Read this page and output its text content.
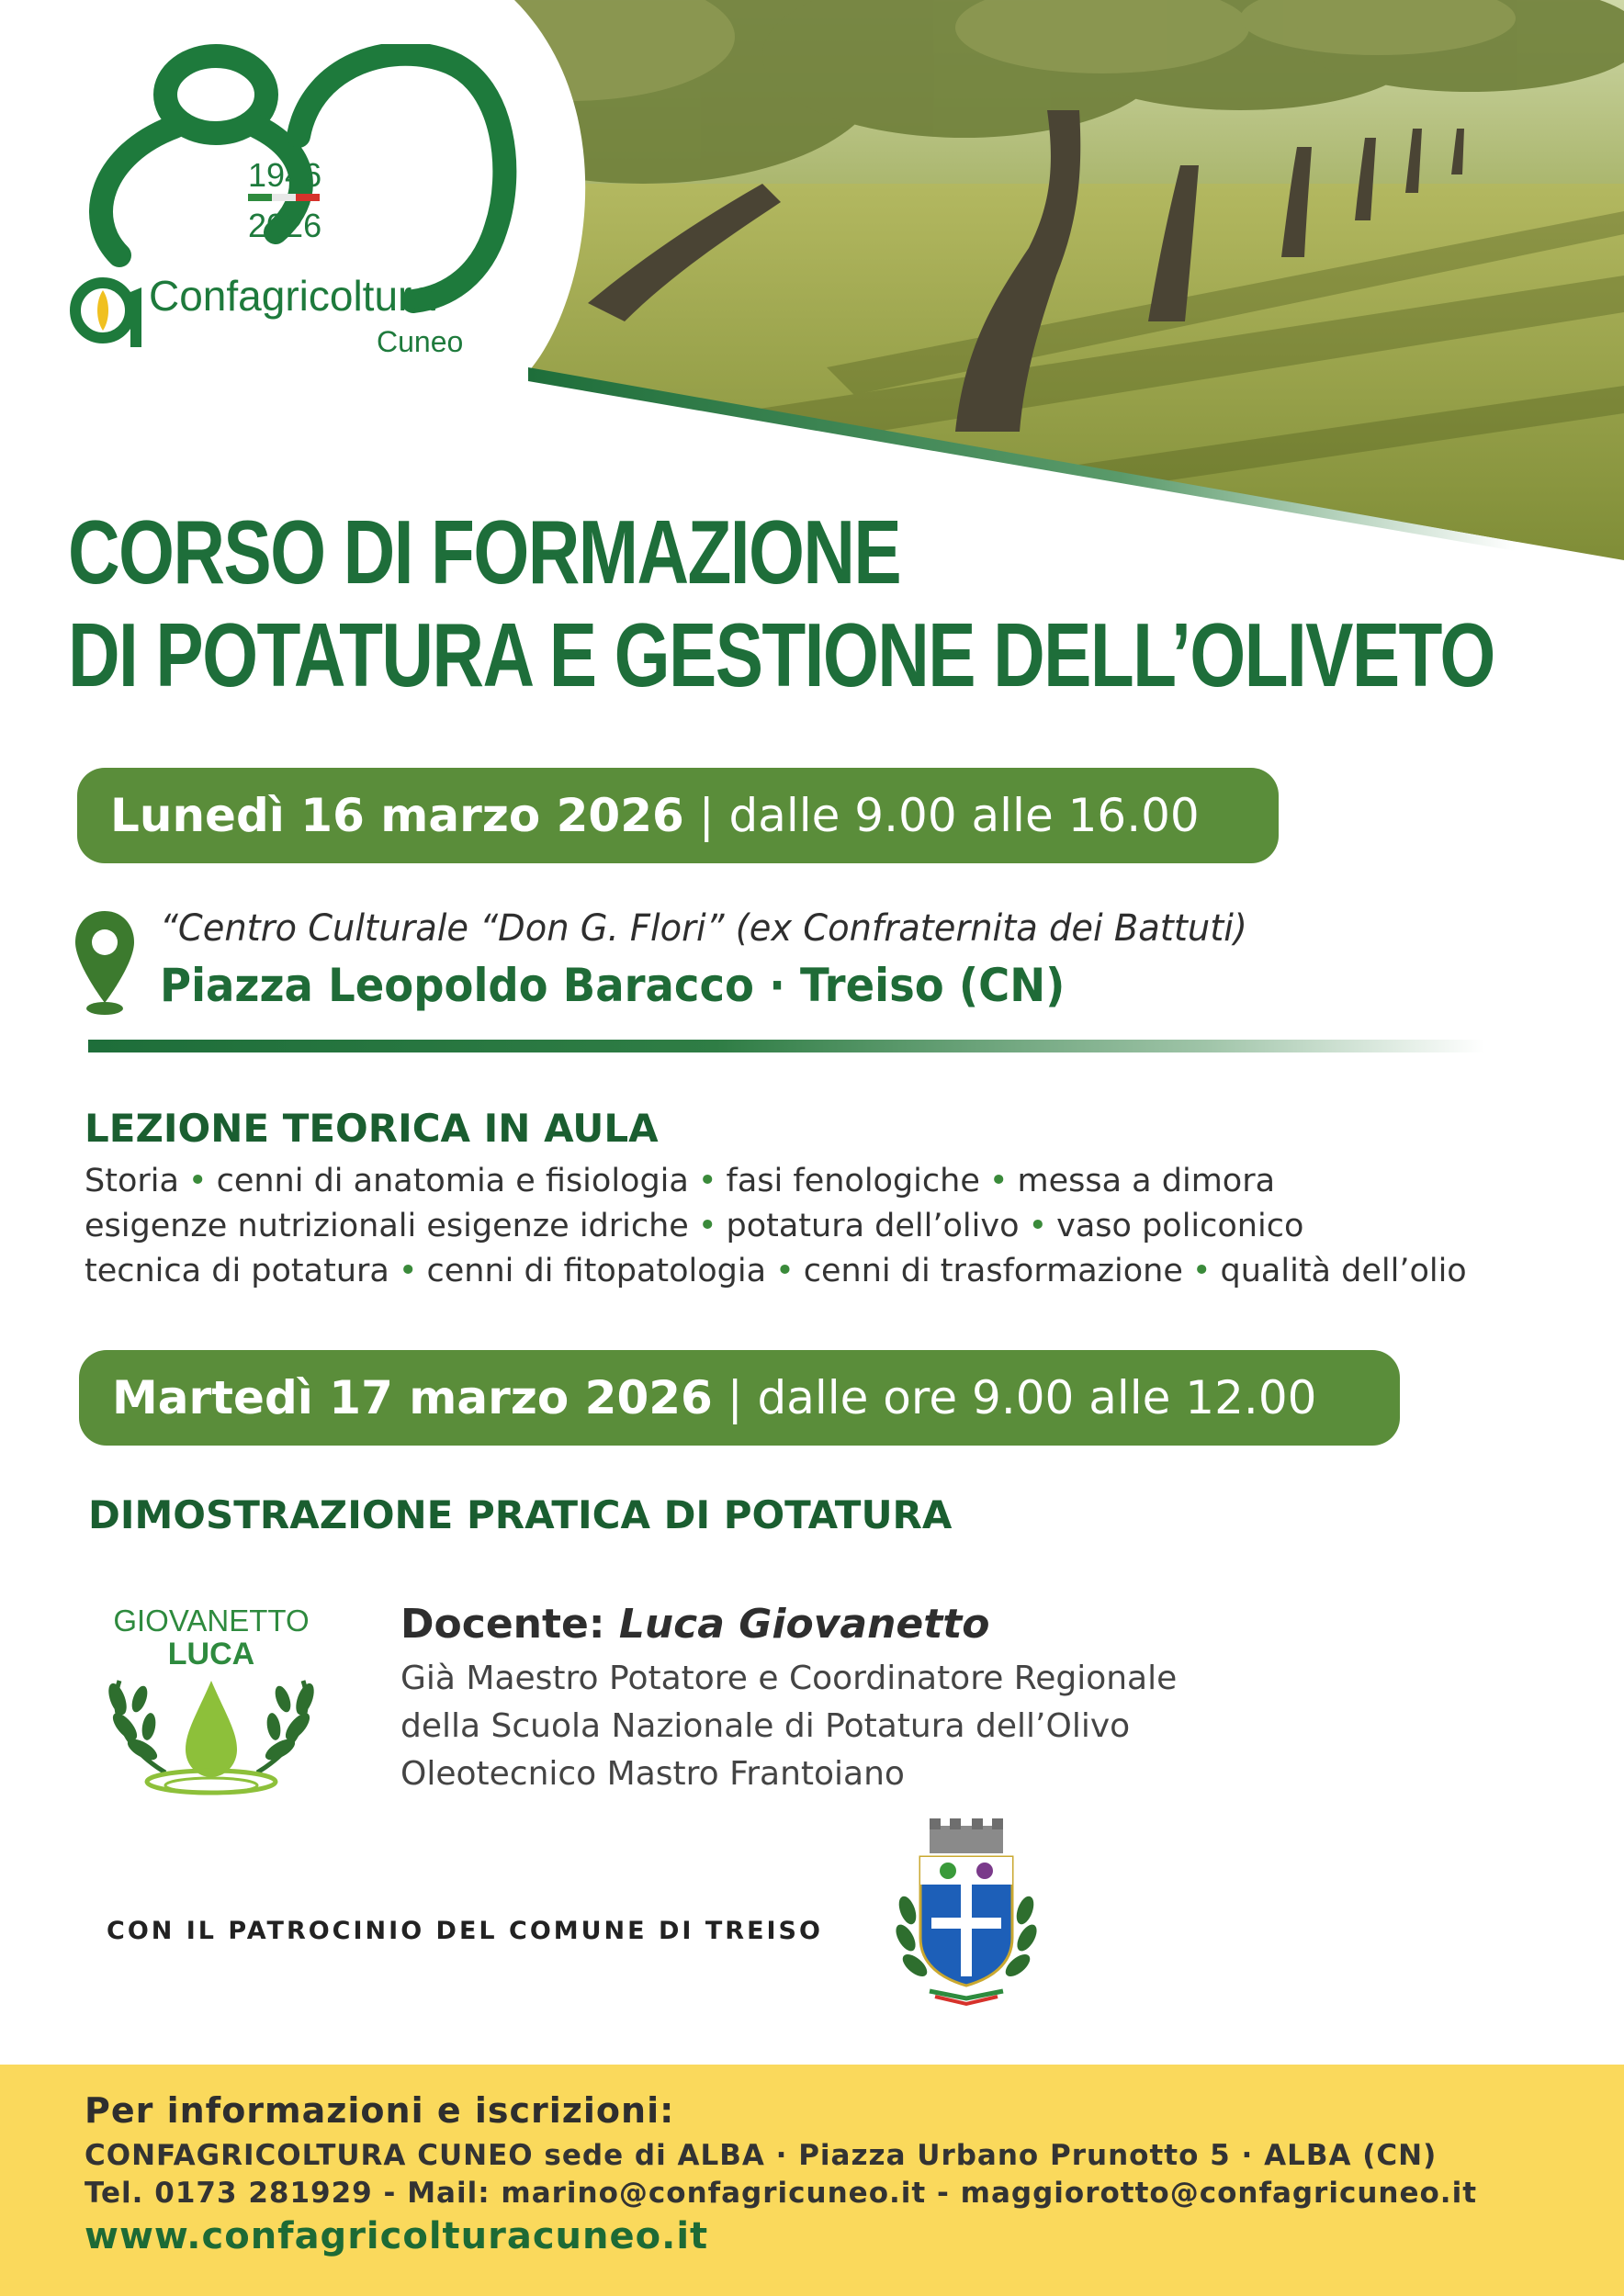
1946
2026
Confagricoltura
Cuneo
CORSO DI FORMAZIONE
DI POTATURA E GESTIONE DELL’OLIVETO
Lunedì 16 marzo 2026 | dalle 9.00 alle 16.00
“Centro Culturale “Don G. Flori” (ex Confraternita dei Battuti)
Piazza Leopoldo Baracco · Treiso (CN)
LEZIONE TEORICA IN AULA
Storia • cenni di anatomia e fisiologia • fasi fenologiche • messa a dimora
esigenze nutrizionali esigenze idriche • potatura dell’olivo • vaso policonico
tecnica di potatura • cenni di fitopatologia • cenni di trasformazione • qualità dell’olio
Martedì 17 marzo 2026 | dalle ore 9.00 alle 12.00
DIMOSTRAZIONE PRATICA DI POTATURA
GIOVANETTO
LUCA
Docente: Luca Giovanetto
Già Maestro Potatore e Coordinatore Regionale
della Scuola Nazionale di Potatura dell’Olivo
Oleotecnico Mastro Frantoiano
CON IL PATROCINIO DEL COMUNE DI TREISO
Per informazioni e iscrizioni:
CONFAGRICOLTURA CUNEO sede di ALBA · Piazza Urbano Prunotto 5 · ALBA (CN)
Tel. 0173 281929 - Mail: marino@confagricuneo.it - maggiorotto@confagricuneo.it
www.confagricolturacuneo.it
